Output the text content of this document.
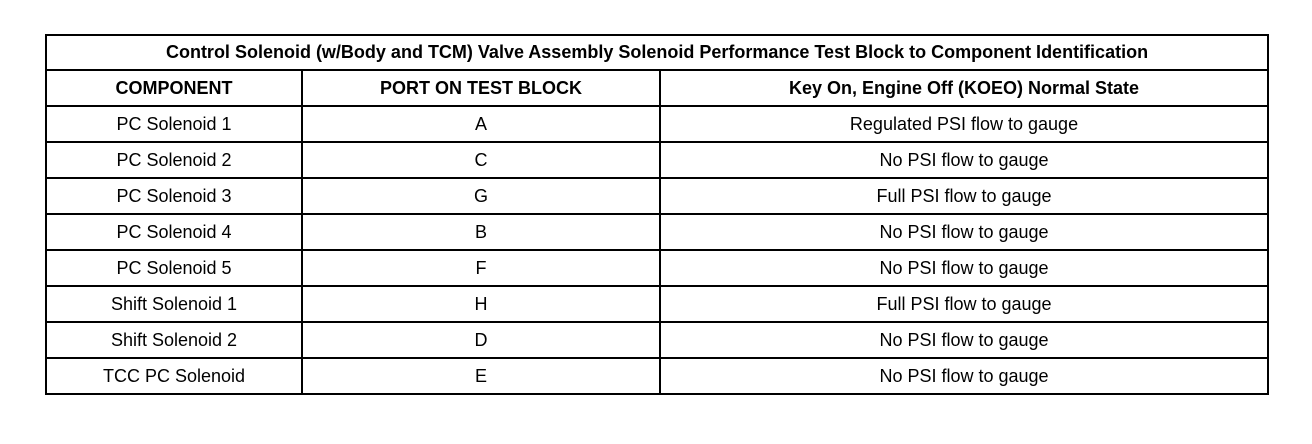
Control Solenoid (w/Body and TCM) Valve Assembly Solenoid Performance Test Block to Component Identification		
COMPONENT	PORT ON TEST BLOCK	Key On, Engine Off (KOEO) Normal State
PC Solenoid 1	A	Regulated PSI flow to gauge
PC Solenoid 2	C	No PSI flow to gauge
PC Solenoid 3	G	Full PSI flow to gauge
PC Solenoid 4	B	No PSI flow to gauge
PC Solenoid 5	F	No PSI flow to gauge
Shift Solenoid 1	H	Full PSI flow to gauge
Shift Solenoid 2	D	No PSI flow to gauge
TCC PC Solenoid	E	No PSI flow to gauge
